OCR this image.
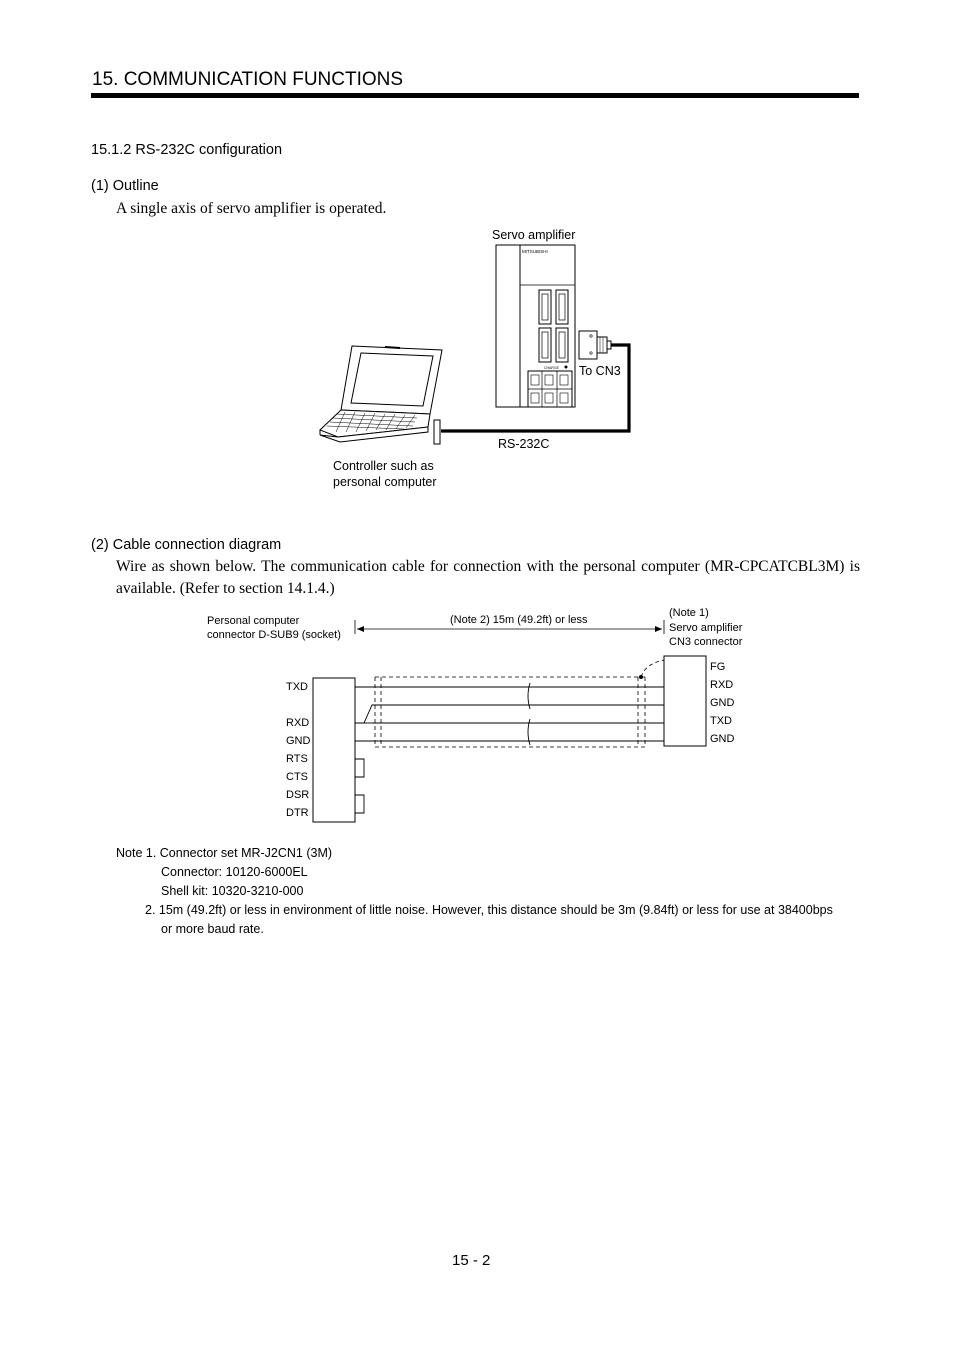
15. COMMUNICATION FUNCTIONS
15.1.2 RS-232C configuration
(1) Outline
A single axis of servo amplifier is operated.
Servo amplifier
To CN3
RS-232C
Controller such as
personal computer
MITSUBISHI
CHARGE
(2) Cable connection diagram
Wire as shown below. The communication cable for connection with the personal computer (MR-CPCATCBL3M) is available. (Refer to section 14.1.4.)
Personal computer
connector D-SUB9 (socket)
(Note 2) 15m (49.2ft) or less
(Note 1)
Servo amplifier
CN3 connector
TXD
RXD
GND
RTS
CTS
DSR
DTR
FG
RXD
GND
TXD
GND
Note 1. Connector set MR-J2CN1 (3M)
Connector: 10120-6000EL
Shell kit: 10320-3210-000
2. 15m (49.2ft) or less in environment of little noise. However, this distance should be 3m (9.84ft) or less for use at 38400bps
or more baud rate.
15 - 2
